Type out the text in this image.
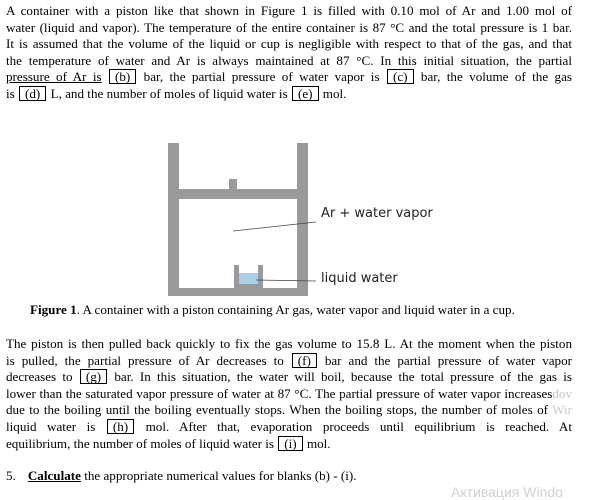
A container with a piston like that shown in Figure 1 is filled with 0.10 mol of Ar and 1.00 mol of
water (liquid and vapor). The temperature of the entire container is 87 °C and the total pressure is 1 bar.
It is assumed that the volume of the liquid or cup is negligible with respect to that of the gas, and that
the temperature of water and Ar is always maintained at 87 °C. In this initial situation, the partial
pressure of Ar is (b) bar, the partial pressure of water vapor is (c) bar, the volume of the gas
is (d) L, and the number of moles of liquid water is (e) mol.
Ar + water vapor
liquid water
Figure 1. A container with a piston containing Ar gas, water vapor and liquid water in a cup.
The piston is then pulled back quickly to fix the gas volume to 15.8 L. At the moment when the piston
is pulled, the partial pressure of Ar decreases to (f) bar and the partial pressure of water vapor
decreases to (g) bar. In this situation, the water will boil, because the total pressure of the gas is
lower than the saturated vapor pressure of water at 87 °C. The partial pressure of water vapor increasesdov
due to the boiling until the boiling eventually stops. When the boiling stops, the number of moles of Wir
liquid water is (h) mol. After that, evaporation proceeds until equilibrium is reached. At
equilibrium, the number of moles of liquid water is (i) mol.
5. Calculate the appropriate numerical values for blanks (b) - (i).
Активация Windo
